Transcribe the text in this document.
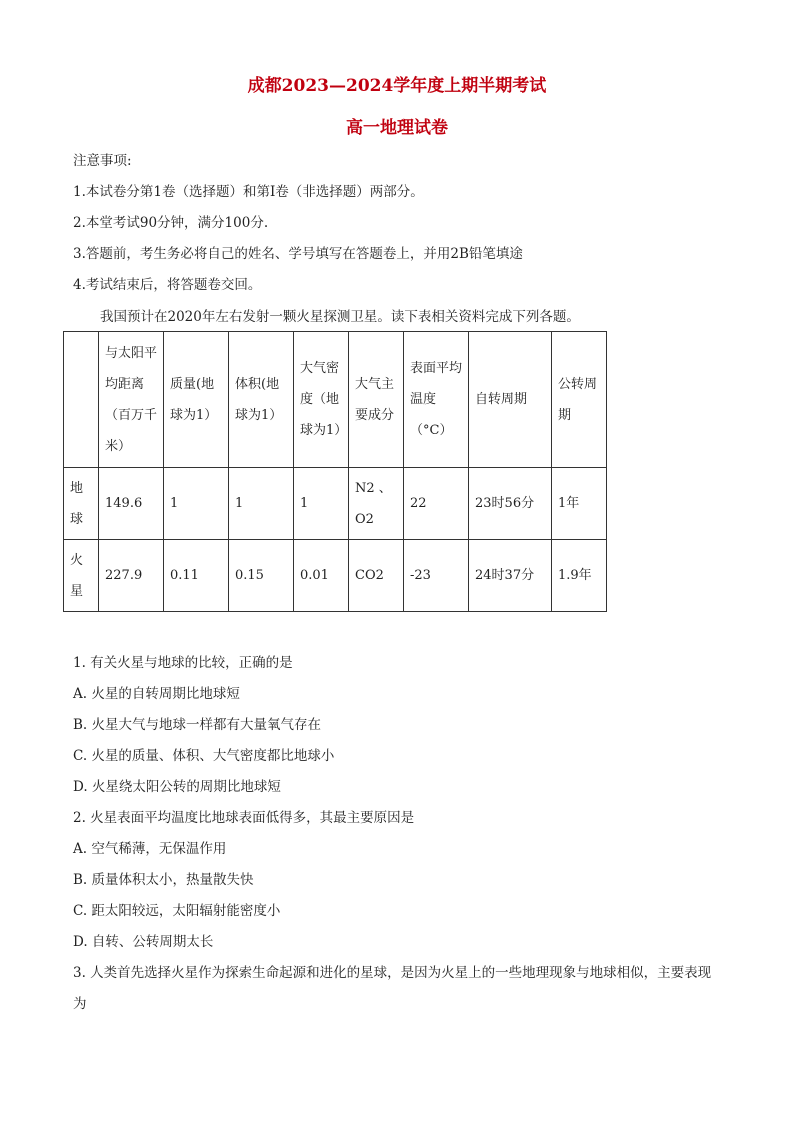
成都2023—2024学年度上期半期考试
高一地理试卷
注意事项:
1.本试卷分第1卷（选择题）和第I卷（非选择题）两部分。
2.本堂考试90分钟，满分100分.
3.答题前，考生务必将自己的姓名、学号填写在答题卷上，并用2B铅笔填途
4.考试结束后，将答题卷交回。
我国预计在2020年左右发射一颗火星探测卫星。读下表相关资料完成下列各题。
	与太阳平均距离（百万千米）	质量(地球为1）	体积(地球为1）	大气密度（地球为1）	大气主要成分	表面平均温度（°C）	自转周期	公转周期
地球	149.6	1	1	1	N2 、O2	22	23时56分	1年
火星	227.9	0.11	0.15	0.01	CO2	-23	24时37分	1.9年
1. 有关火星与地球的比较，正确的是
A. 火星的自转周期比地球短
B. 火星大气与地球一样都有大量氧气存在
C. 火星的质量、体积、大气密度都比地球小
D. 火星绕太阳公转的周期比地球短
2. 火星表面平均温度比地球表面低得多，其最主要原因是
A. 空气稀薄，无保温作用
B. 质量体积太小，热量散失快
C. 距太阳较远，太阳辐射能密度小
D. 自转、公转周期太长
3. 人类首先选择火星作为探索生命起源和进化的星球，是因为火星上的一些地理现象与地球相似，主要表现为
